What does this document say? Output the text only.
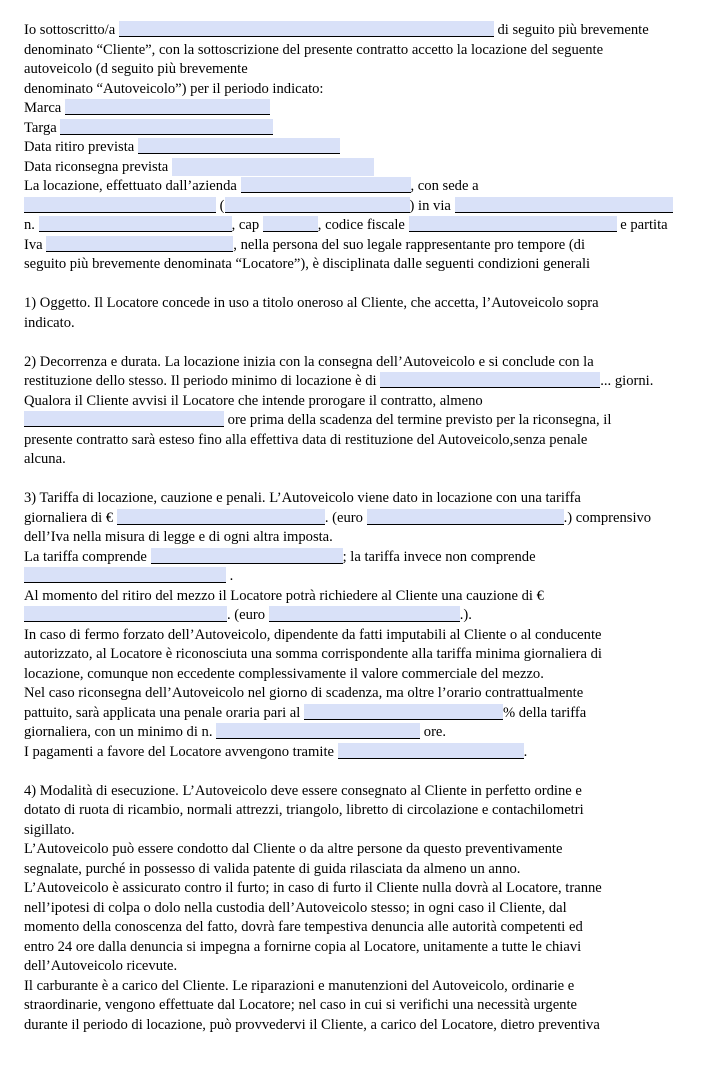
Io sottoscritto/a	di seguito più brevemente
denominato “Cliente”, con la sottoscrizione del presente contratto accetto la locazione del seguente
autoveicolo (d seguito più brevemente
denominato “Autoveicolo”) per il periodo indicato:
Marca
Targa
Data ritiro prevista
Data riconsegna prevista
La locazione, effettuato dall’azienda	, con sede a
(	) in via
n.	, cap	, codice fiscale	e partita
Iva	, nella persona del suo legale rappresentante pro tempore (di
seguito più brevemente denominata “Locatore”), è disciplinata dalle seguenti condizioni generali
1) Oggetto. Il Locatore concede in uso a titolo oneroso al Cliente, che accetta, l’Autoveicolo sopra
indicato.
2) Decorrenza e durata. La locazione inizia con la consegna dell’Autoveicolo e si conclude con la
restituzione dello stesso. Il periodo minimo di locazione è di	... giorni.
Qualora il Cliente avvisi il Locatore che intende prorogare il contratto, almeno
ore prima della scadenza del termine previsto per la riconsegna, il
presente contratto sarà esteso fino alla effettiva data di restituzione del Autoveicolo,senza penale
alcuna.
3) Tariffa di locazione, cauzione e penali. L’Autoveicolo viene dato in locazione con una tariffa
giornaliera di €	. (euro	.) comprensivo
dell’Iva nella misura di legge e di ogni altra imposta.
La tariffa comprende	; la tariffa invece non comprende
.
Al momento del ritiro del mezzo il Locatore potrà richiedere al Cliente una cauzione di €
. (euro	.).
In caso di fermo forzato dell’Autoveicolo, dipendente da fatti imputabili al Cliente o al conducente
autorizzato, al Locatore è riconosciuta una somma corrispondente alla tariffa minima giornaliera di
locazione, comunque non eccedente complessivamente il valore commerciale del mezzo.
Nel caso riconsegna dell’Autoveicolo nel giorno di scadenza, ma oltre l’orario contrattualmente
pattuito, sarà applicata una penale oraria pari al	% della tariffa
giornaliera, con un minimo di n.	ore.
I pagamenti a favore del Locatore avvengono tramite	.
4) Modalità di esecuzione. L’Autoveicolo deve essere consegnato al Cliente in perfetto ordine e
dotato di ruota di ricambio, normali attrezzi, triangolo, libretto di circolazione e contachilometri
sigillato.
L’Autoveicolo può essere condotto dal Cliente o da altre persone da questo preventivamente
segnalate, purché in possesso di valida patente di guida rilasciata da almeno un anno.
L’Autoveicolo è assicurato contro il furto; in caso di furto il Cliente nulla dovrà al Locatore, tranne
nell’ipotesi di colpa o dolo nella custodia dell’Autoveicolo stesso; in ogni caso il Cliente, dal
momento della conoscenza del fatto, dovrà fare tempestiva denuncia alle autorità competenti ed
entro 24 ore dalla denuncia si impegna a fornirne copia al Locatore, unitamente a tutte le chiavi
dell’Autoveicolo ricevute.
Il carburante è a carico del Cliente. Le riparazioni e manutenzioni del Autoveicolo, ordinarie e
straordinarie, vengono effettuate dal Locatore; nel caso in cui si verifichi una necessità urgente
durante il periodo di locazione, può provvedervi il Cliente, a carico del Locatore, dietro preventiva
